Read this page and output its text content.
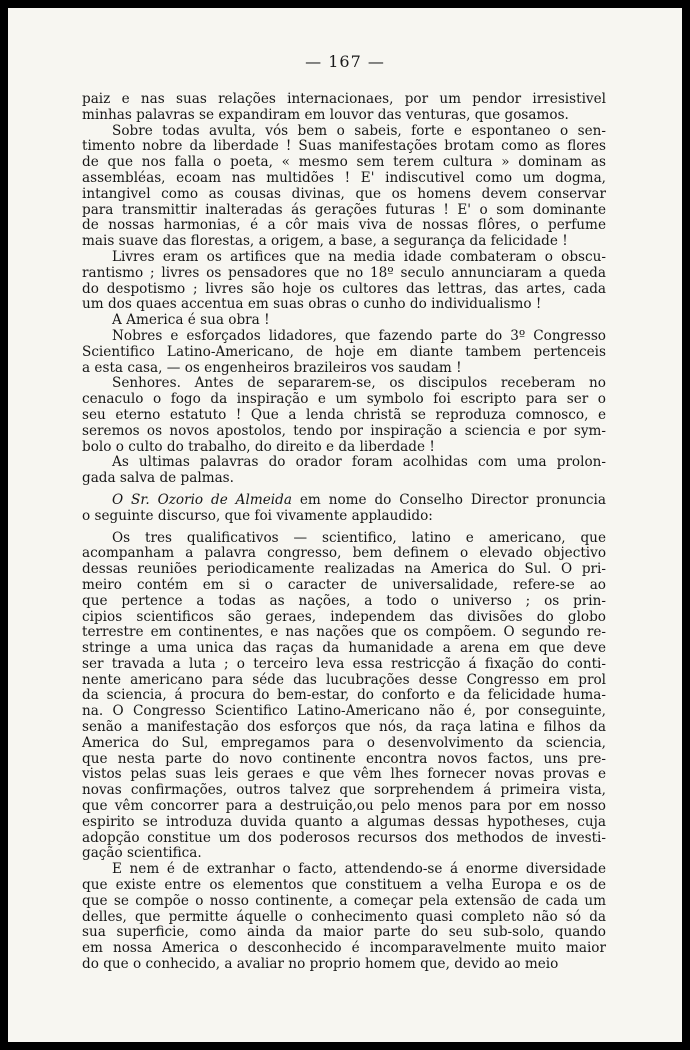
— 167 —
paiz e nas suas relações internacionaes, por um pendor irresistivel
minhas palavras se expandiram em louvor das venturas, que gosamos.
Sobre todas avulta, vós bem o sabeis, forte e espontaneo o sen-
timento nobre da liberdade ! Suas manifestações brotam como as flores
de que nos falla o poeta, « mesmo sem terem cultura » dominam as
assembléas, ecoam nas multidões ! E' indiscutivel como um dogma,
intangivel como as cousas divinas, que os homens devem conservar
para transmittir inalteradas ás gerações futuras ! E' o som dominante
de nossas harmonias, é a côr mais viva de nossas flôres, o perfume
mais suave das florestas, a origem, a base, a segurança da felicidade !
Livres eram os artifices que na media idade combateram o obscu-
rantismo ; livres os pensadores que no 18º seculo annunciaram a queda
do despotismo ; livres são hoje os cultores das lettras, das artes, cada
um dos quaes accentua em suas obras o cunho do individualismo !
A America é sua obra !
Nobres e esforçados lidadores, que fazendo parte do 3º Congresso
Scientifico Latino-Americano, de hoje em diante tambem pertenceis
a esta casa, — os engenheiros brazileiros vos saudam !
Senhores. Antes de separarem-se, os discipulos receberam no
cenaculo o fogo da inspiração e um symbolo foi escripto para ser o
seu eterno estatuto ! Que a lenda christã se reproduza comnosco, e
seremos os novos apostolos, tendo por inspiração a sciencia e por sym-
bolo o culto do trabalho, do direito e da liberdade !
As ultimas palavras do orador foram acolhidas com uma prolon-
gada salva de palmas.
O Sr. Ozorio de Almeida em nome do Conselho Director pronuncia
o seguinte discurso, que foi vivamente applaudido:
Os tres qualificativos — scientifico, latino e americano, que
acompanham a palavra congresso, bem definem o elevado objectivo
dessas reuniões periodicamente realizadas na America do Sul. O pri-
meiro contém em si o caracter de universalidade, refere-se ao
que pertence a todas as nações, a todo o universo ; os prin-
cipios scientificos são geraes, independem das divisões do globo
terrestre em continentes, e nas nações que os compõem. O segundo re-
stringe a uma unica das raças da humanidade a arena em que deve
ser travada a luta ; o terceiro leva essa restricção á fixação do conti-
nente americano para séde das lucubrações desse Congresso em prol
da sciencia, á procura do bem-estar, do conforto e da felicidade huma-
na. O Congresso Scientifico Latino-Americano não é, por conseguinte,
senão a manifestação dos esforços que nós, da raça latina e filhos da
America do Sul, empregamos para o desenvolvimento da sciencia,
que nesta parte do novo continente encontra novos factos, uns pre-
vistos pelas suas leis geraes e que vêm lhes fornecer novas provas e
novas confirmações, outros talvez que sorprehendem á primeira vista,
que vêm concorrer para a destruição,ou pelo menos para por em nosso
espirito se introduza duvida quanto a algumas dessas hypotheses, cuja
adopção constitue um dos poderosos recursos dos methodos de investi-
gação scientifica.
E nem é de extranhar o facto, attendendo-se á enorme diversidade
que existe entre os elementos que constituem a velha Europa e os de
que se compõe o nosso continente, a começar pela extensão de cada um
delles, que permitte áquelle o conhecimento quasi completo não só da
sua superficie, como ainda da maior parte do seu sub-solo, quando
em nossa America o desconhecido é incomparavelmente muito maior
do que o conhecido, a avaliar no proprio homem que, devido ao meio
